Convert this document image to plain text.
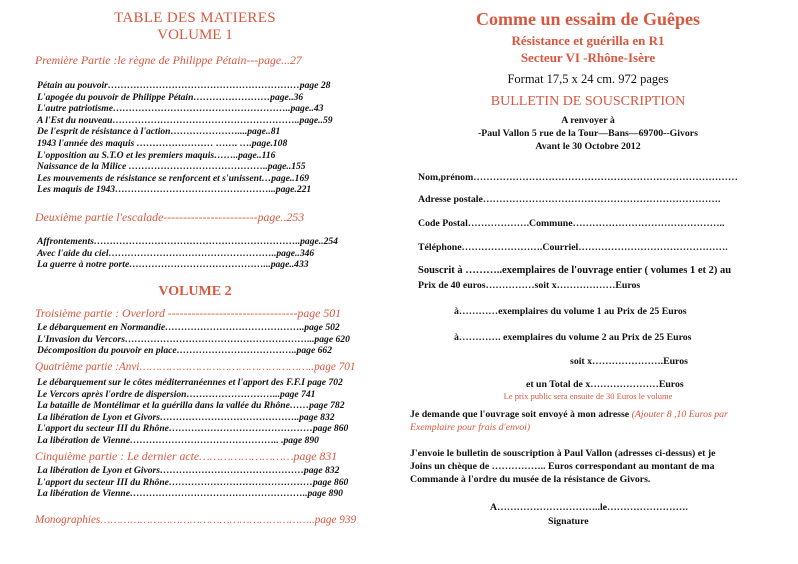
TABLE DES MATIERES
VOLUME 1
Première Partie :le règne de Philippe Pétain---page...27
Pétain au pouvoir……………………………………………………page 28
L'apogée du pouvoir de Philippe Pétain……………………page..36
L'autre patriotisme………………………………………………..page..43
A l'Est du nouveau…………………………………………………..page..59
De l'esprit de résistance à l'action…………………....page..81
1943 l'année des maquis …………………… ……. ….page.108
L'opposition au S.T.O et les premiers maquis……..page..116
Naissance de la Milice ……………………………………..page..155
Les mouvements de résistance se renforcent et s'unissent…page..169
Les maquis de 1943…………………………………………...page.221
Deuxième partie l'escalade------------------------page..253
Affrontements………………………………………………………..page..254
Avec l'aide du ciel……………………………………………..page..346
La guerre à notre porte……………………………………...page..433
VOLUME 2
Troisième partie : Overlord ---------------------------------page 501
Le débarquement en Normandie……………………………………..page 502
L'Invasion du Vercors…………………………………………………...page 620
Décomposition du pouvoir en place………………………………..page 662
Quatrième partie :Anvi……………………………………………..page 701
Le débarquement sur le côtes méditerranéennes et l'apport des F.F.I page 702
Le Vercors après l'ordre de dispersion………………………...page 741
La bataille de Montélimar et la guérilla dans la vallée du Rhône……page 782
La libération de Lyon et Givors……………………………………..page 832
L'apport du secteur III du Rhône………………………………………page 860
La libération de Vienne……………………………………….. .page 890
Cinquième partie : Le dernier acte………………………page 831
La libération de Lyon et Givors………………………………………page 832
L'apport du secteur III du Rhône………………………………………page 860
La libération de Vienne………………………………………………..page 890
Monographies………………………………………………………..page 939
Comme un essaim de Guêpes
Résistance et guérilla en R1
Secteur VI -Rhône-Isère
Format 17,5 x 24 cm. 972 pages
BULLETIN DE SOUSCRIPTION
A renvoyer à
-Paul Vallon 5 rue de la Tour—Bans—69700--Givors
Avant le 30 Octobre 2012
Nom,prénom………………………………………………………………………
Adresse postale……………………………………………………………….
Code Postal……………….Commune………………………………………..
Téléphone…………………….Courriel……………………………………….
Souscrit à ………..exemplaires de l'ouvrage entier ( volumes 1 et 2) au
Prix de 40 euros……………soit x………………Euros
à…………exemplaires du volume 1 au Prix de 25 Euros
à…………. exemplaires du volume 2 au Prix de 25 Euros
soit x………………….Euros
et un Total de x…………………Euros
Le prix public sera ensuite de 30 Euros le volume
Je demande que l'ouvrage soit envoyé à mon adresse (Ajouter 8 ,10 Euros par
Exemplaire pour frais d'envoi)
J'envoie le bulletin de souscription à Paul Vallon (adresses ci-dessus) et je
Joins un chèque de …………….. Euros correspondant au montant de ma
Commande à l'ordre du musée de la résistance de Givors.
A…………………………..le…………………….
Signature
